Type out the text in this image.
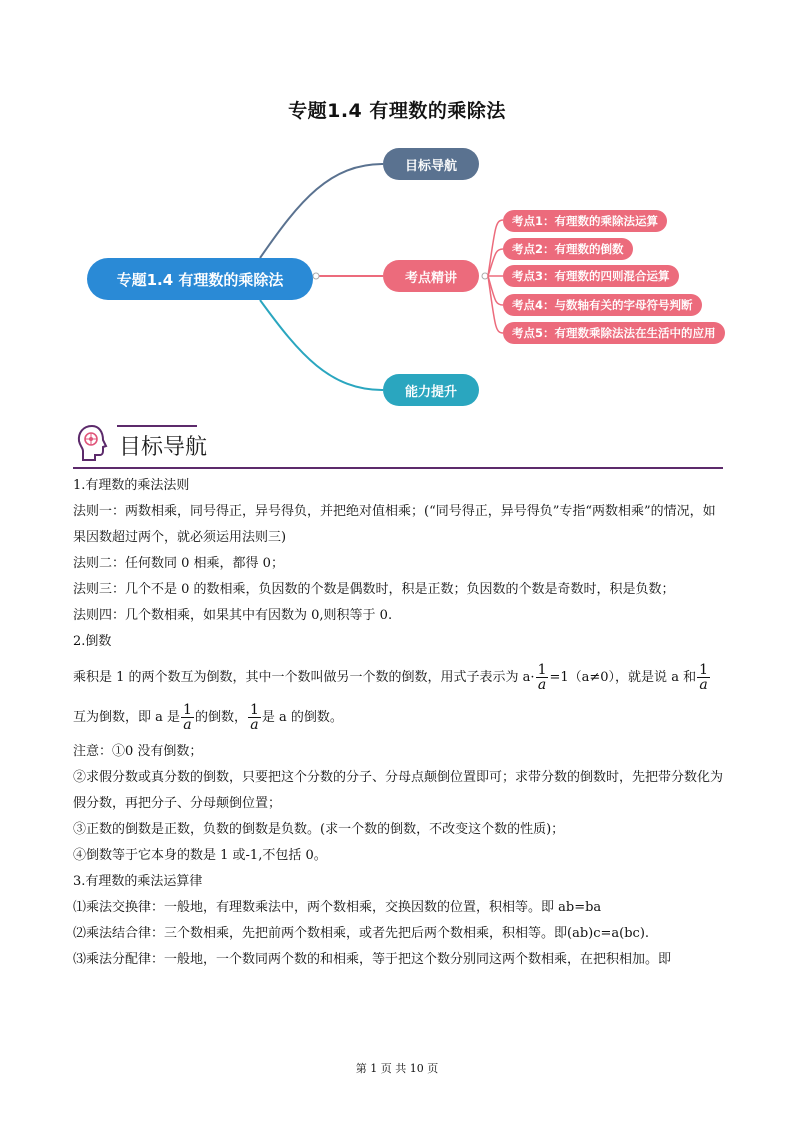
专题1.4 有理数的乘除法
专题1.4 有理数的乘除法
目标导航
考点精讲
能力提升
考点1：有理数的乘除法运算
考点2：有理数的倒数
考点3：有理数的四则混合运算
考点4：与数轴有关的字母符号判断
考点5：有理数乘除法法在生活中的应用
目标导航

1.有理数的乘法法则

法则一：两数相乘，同号得正，异号得负，并把绝对值相乘；(“同号得正，异号得负”专指“两数相乘”的情况，如果因数超过两个，就必须运用法则三)

法则二：任何数同 0 相乘，都得 0；

法则三：几个不是 0 的数相乘，负因数的个数是偶数时，积是正数；负因数的个数是奇数时，积是负数；

法则四：几个数相乘，如果其中有因数为 0,则积等于 0.

2.倒数

乘积是 1 的两个数互为倒数，其中一个数叫做另一个数的倒数，用式子表示为 $a\cdot \frac{1}{a} =1(a\ne 0)$，就是说 a 和 $\frac{1}{a}$

互为倒数，即 a 是 $\frac{1}{a}$ 的倒数， $\frac{1}{a}$ 是 a 的倒数。

注意：①0 没有倒数；

②求假分数或真分数的倒数，只要把这个分数的分子、分母点颠倒位置即可；求带分数的倒数时，先把带分数化为假分数，再把分子、分母颠倒位置；

③正数的倒数是正数，负数的倒数是负数。(求一个数的倒数，不改变这个数的性质)；

④倒数等于它本身的数是 1 或-1,不包括 0。

3.有理数的乘法运算律

⑴乘法交换律：一般地，有理数乘法中，两个数相乘，交换因数的位置，积相等。即 ab=ba

⑵乘法结合律：三个数相乘，先把前两个数相乘，或者先把后两个数相乘，积相等。即(ab)c=a(bc).

⑶乘法分配律：一般地，一个数同两个数的和相乘，等于把这个数分别同这两个数相乘，在把积相加。即

第 1 页 共 10 页
